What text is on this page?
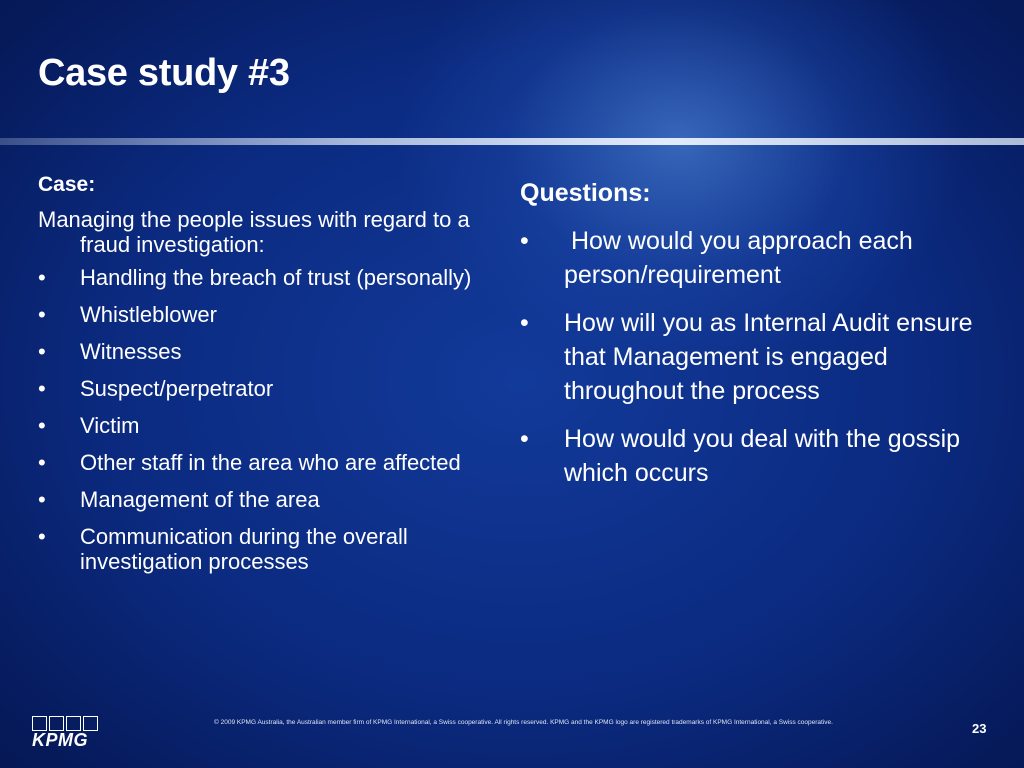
Case study #3
Case:
Managing the people issues with regard to a fraud investigation:
• Handling the breach of trust (personally)
• Whistleblower
• Witnesses
• Suspect/perpetrator
• Victim
• Other staff in the area who are affected
• Management of the area
• Communication during the overall investigation processes
Questions:
• How would you approach each person/requirement
• How will you as Internal Audit ensure that Management is engaged throughout the process
• How would you deal with the gossip which occurs
KPMG
© 2009 KPMG Australia, the Australian member firm of KPMG International, a Swiss cooperative. All rights reserved. KPMG and the KPMG logo are registered trademarks of KPMG International, a Swiss cooperative.	23
